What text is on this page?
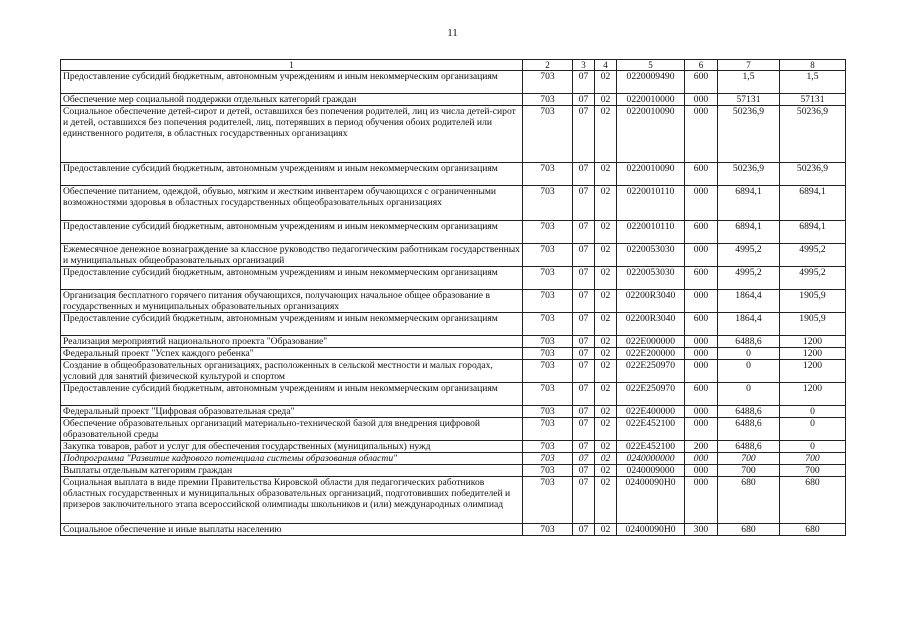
11
1	2	3	4	5	6	7	8
Предоставление субсидий бюджетным, автономным учреждениям и иным некоммерческим организациям	703	07	02	0220009490	600	1,5	1,5
Обеспечение мер социальной поддержки отдельных категорий граждан	703	07	02	0220010000	000	57131	57131
Социальное обеспечение детей-сирот и детей, оставшихся без попечения родителей, лиц из числа детей-сирот и детей, оставшихся без попечения родителей, лиц, потерявших в период обучения обоих родителей или единственного родителя, в областных государственных организациях	703	07	02	0220010090	000	50236,9	50236,9
Предоставление субсидий бюджетным, автономным учреждениям и иным некоммерческим организациям	703	07	02	0220010090	600	50236,9	50236,9
Обеспечение питанием, одеждой, обувью, мягким и жестким инвентарем обучающихся с ограниченными возможностями здоровья в областных государственных общеобразовательных организациях	703	07	02	0220010110	000	6894,1	6894,1
Предоставление субсидий бюджетным, автономным учреждениям и иным некоммерческим организациям	703	07	02	0220010110	600	6894,1	6894,1
Ежемесячное денежное вознаграждение за классное руководство педагогическим работникам государственных и муниципальных общеобразовательных организаций	703	07	02	0220053030	000	4995,2	4995,2
Предоставление субсидий бюджетным, автономным учреждениям и иным некоммерческим организациям	703	07	02	0220053030	600	4995,2	4995,2
Организация бесплатного горячего питания обучающихся, получающих начальное общее образование в государственных и муниципальных образовательных организациях	703	07	02	02200R3040	000	1864,4	1905,9
Предоставление субсидий бюджетным, автономным учреждениям и иным некоммерческим организациям	703	07	02	02200R3040	600	1864,4	1905,9
Реализация мероприятий национального проекта "Образование"	703	07	02	022E000000	000	6488,6	1200
Федеральный проект "Успех каждого ребенка"	703	07	02	022E200000	000	0	1200
Создание в общеобразовательных организациях, расположенных в сельской местности и малых городах, условий для занятий физической культурой и спортом	703	07	02	022E250970	000	0	1200
Предоставление субсидий бюджетным, автономным учреждениям и иным некоммерческим организациям	703	07	02	022E250970	600	0	1200
Федеральный проект "Цифровая образовательная среда"	703	07	02	022E400000	000	6488,6	0
Обеспечение образовательных организаций материально-технической базой для внедрения цифровой образовательной среды	703	07	02	022E452100	000	6488,6	0
Закупка товаров, работ и услуг для обеспечения государственных (муниципальных) нужд	703	07	02	022E452100	200	6488,6	0
Подпрограмма "Развитие кадрового потенциала системы образования области"	703	07	02	0240000000	000	700	700
Выплаты отдельным категориям граждан	703	07	02	0240009000	000	700	700
Социальная выплата в виде премии Правительства Кировской области для педагогических работников областных государственных и муниципальных образовательных организаций, подготовивших победителей и призеров заключительного этапа всероссийской олимпиады школьников и (или) международных олимпиад	703	07	02	02400090Н0	000	680	680
Социальное обеспечение и иные выплаты населению	703	07	02	02400090Н0	300	680	680
